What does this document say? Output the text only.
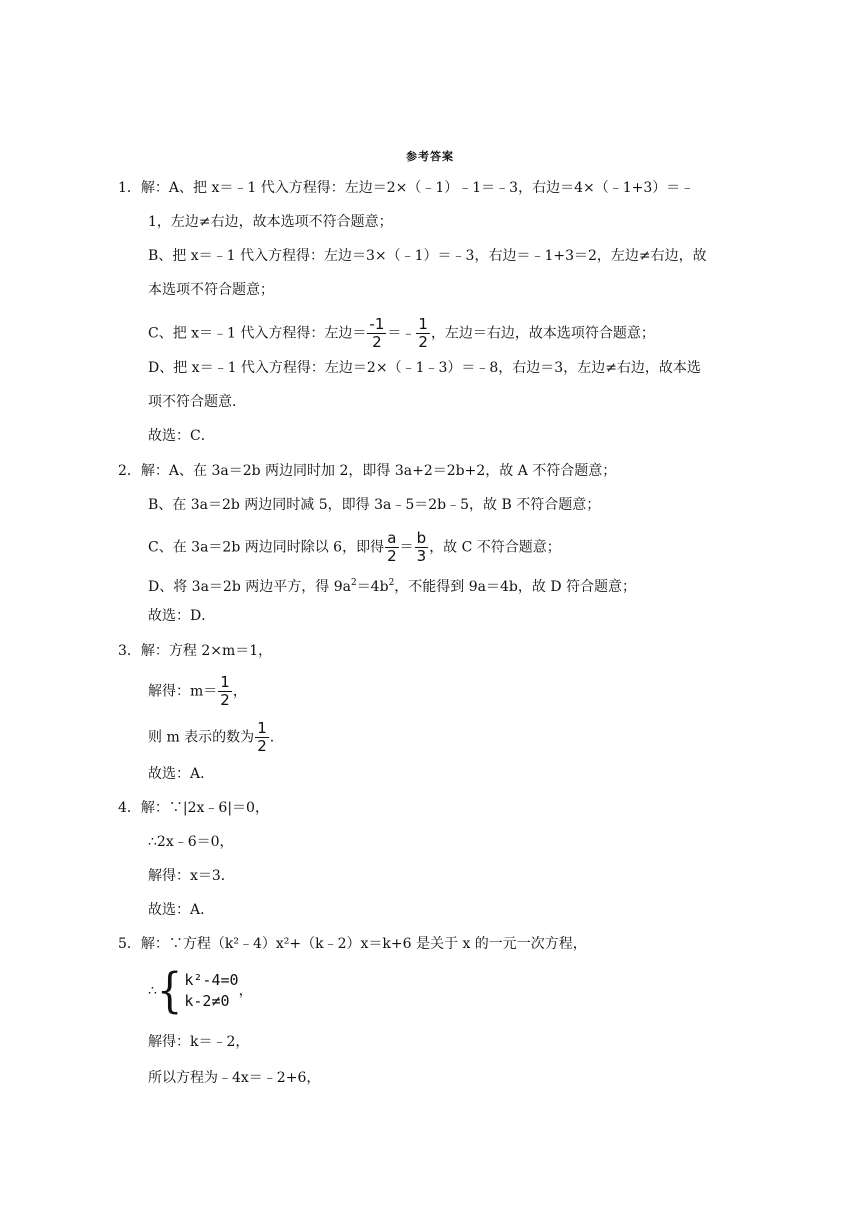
参考答案
1．解：A、把 x＝﹣1 代入方程得：左边＝2×（﹣1）﹣1＝﹣3，右边＝4×（﹣1+3）＝﹣
1，左边≠右边，故本选项不符合题意；
B、把 x＝﹣1 代入方程得：左边＝3×（﹣1）＝﹣3，右边＝﹣1+3＝2，左边≠右边，故
本选项不符合题意；
C、把 x＝﹣1 代入方程得：左边＝ $\frac{-1}{2}$ ＝﹣ $\frac{1}{2}$ ，左边＝右边，故本选项符合题意；
D、把 x＝﹣1 代入方程得：左边＝2×（﹣1﹣3）＝﹣8，右边＝3，左边≠右边，故本选
项不符合题意．
故选：C．
2．解：A、在 3a＝2b 两边同时加 2，即得 3a+2＝2b+2，故 A 不符合题意；
B、在 3a＝2b 两边同时减 5，即得 3a﹣5＝2b﹣5，故 B 不符合题意；
C、在 3a＝2b 两边同时除以 6，即得 $\frac{a}{2} = \frac{b}{3}$ ，故 C 不符合题意；
D、将 3a＝2b 两边平方，得 $9a^2=4b^2$，不能得到 9a＝4b，故 D 符合题意；
故选：D．
3．解：方程 2×m＝1，
解得：$m= \frac{1}{2}$ ，
则 m 表示的数为 $\frac{1}{2}$ .
故选：A．
4．解：∵|2x﹣6|＝0，
∴2x﹣6＝0，
解得：x＝3．
故选：A．
5．解：∵方程（k²﹣4）x²+（k﹣2）x＝k+6 是关于 x 的一元一次方程，
∴ { k²-4=0
k-2≠0
，
解得：k＝﹣2，
所以方程为﹣4x＝﹣2+6，
